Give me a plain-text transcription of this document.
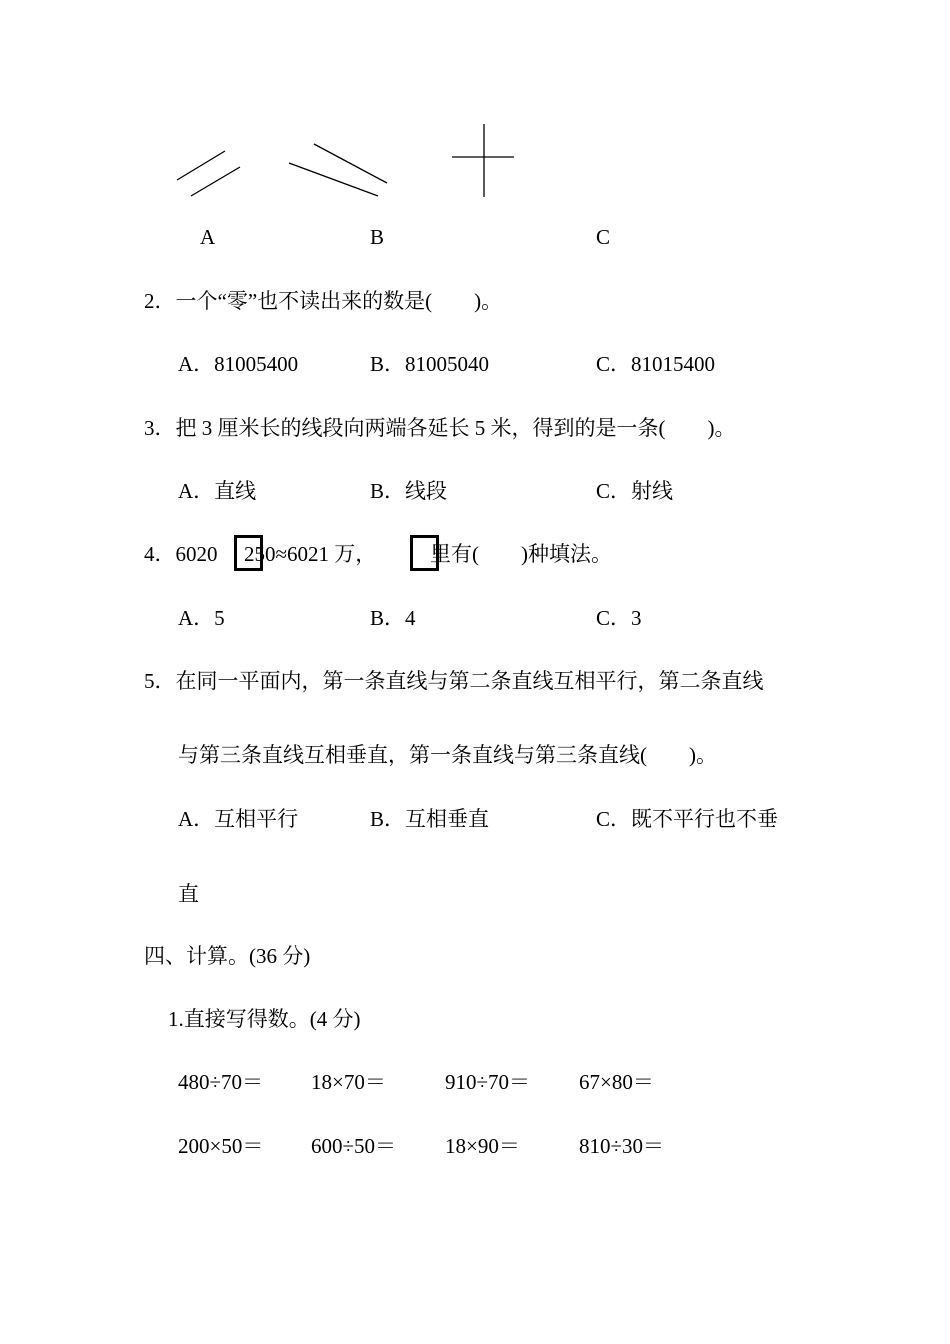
A	B	C
2．一个“零”也不读出来的数是(　　)。
A．81005400	B．81005040	C．81015400
3．把 3 厘米长的线段向两端各延长 5 米，得到的是一条(　　)。
A．直线	B．线段	C．射线
4．6020 250≈6021 万，	里有(　　)种填法。
A．5	B．4	C．3
5．在同一平面内，第一条直线与第二条直线互相平行，第二条直线
与第三条直线互相垂直，第一条直线与第三条直线(　　)。
A．互相平行	B．互相垂直	C．既不平行也不垂
直
四、计算。(36 分)
1.直接写得数。(4 分)
480÷70＝ 18×70＝	910÷70＝ 67×80＝
200×50＝ 600÷50＝ 18×90＝	810÷30＝
